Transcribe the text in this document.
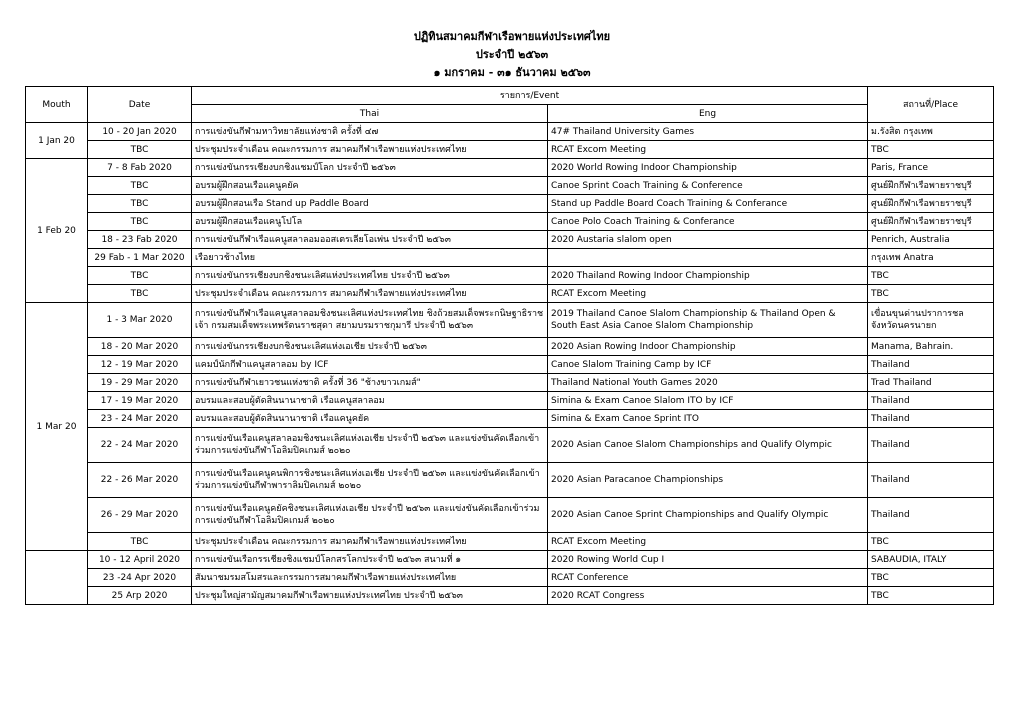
ปฏิทินสมาคมกีฬาเรือพายแห่งประเทศไทย
ประจำปี ๒๕๖๓
๑ มกราคม - ๓๑ ธันวาคม ๒๕๖๓
Mouth	Date	รายการ/Event		สถานที่/Place
		Thai	Eng	
1 Jan 20	10 - 20 Jan 2020	การแข่งขันกีฬามหาวิทยาลัยแห่งชาติ ครั้งที่ ๔๗	47# Thailand University Games	ม.รังสิต กรุงเทพ
	TBC	ประชุมประจำเดือน คณะกรรมการ สมาคมกีฬาเรือพายแห่งประเทศไทย	RCAT Excom Meeting	TBC
1 Feb 20	7 - 8 Fab 2020	การแข่งขันกรรเชียงบกชิงแชมป์โลก ประจำปี ๒๕๖๓	2020 World Rowing Indoor Championship	Paris, France
	TBC	อบรมผู้ฝึกสอนเรือแคนูคยัค	Canoe Sprint Coach Training & Conference	ศูนย์ฝึกกีฬาเรือพายราชบุรี
	TBC	อบรมผู้ฝึกสอนเรือ Stand up Paddle Board	Stand up Paddle Board Coach Training & Conferance	ศูนย์ฝึกกีฬาเรือพายราชบุรี
	TBC	อบรมผู้ฝึกสอนเรือแคนูโปโล	Canoe Polo Coach Training & Conferance	ศูนย์ฝึกกีฬาเรือพายราชบุรี
	18 - 23 Fab 2020	การแข่งขันกีฬาเรือแคนูสลาลอมออสเตรเลียโอเพ่น ประจำปี ๒๕๖๓	2020 Austaria slalom open	Penrich, Australia
	29 Fab - 1 Mar 2020	เรือยาวช้างไทย		กรุงเทพ Anatra
	TBC	การแข่งขันกรรเชียงบกชิงชนะเลิศแห่งประเทศไทย ประจำปี ๒๕๖๓	2020 Thailand Rowing Indoor Championship	TBC
	TBC	ประชุมประจำเดือน คณะกรรมการ สมาคมกีฬาเรือพายแห่งประเทศไทย	RCAT Excom Meeting	TBC
1 Mar 20	1 - 3 Mar 2020	การแข่งขันกีฬาเรือแคนูสลาลอมชิงชนะเลิศแห่งประเทศไทย ชิงถ้วยสมเด็จพระกนิษฐาธิราชเจ้า กรมสมเด็จพระเทพรัตนราชสุดา สยามบรมราชกุมารี ประจำปี ๒๕๖๓	2019 Thailand Canoe Slalom Championship & Thailand Open & South East Asia Canoe Slalom Championship	เขื่อนขุนด่านปราการชล จังหวัดนครนายก
	18 - 20 Mar 2020	การแข่งขันกรรเชียงบกชิงชนะเลิศแห่งเอเชีย ประจำปี ๒๕๖๓	2020 Asian Rowing Indoor Championship	Manama, Bahrain.
	12 - 19 Mar 2020	แคมป์นักกีฬาแคนูสลาลอม by ICF	Canoe Slalom Training Camp by ICF	Thailand
	19 - 29 Mar 2020	การแข่งขันกีฬาเยาวชนแห่งชาติ ครั้งที่ 36 "ช้างขาวเกมส์"	Thailand National Youth Games 2020	Trad Thailand
	17 - 19 Mar 2020	อบรมและสอบผู้ตัดสินนานาชาติ เรือแคนูสลาลอม	Simina & Exam Canoe Slalom ITO by ICF	Thailand
	23 - 24 Mar 2020	อบรมและสอบผู้ตัดสินนานาชาติ เรือแคนูคยัค	Simina & Exam Canoe Sprint ITO	Thailand
	22 - 24 Mar 2020	การแข่งขันเรือแคนูสลาลอมชิงชนะเลิศแห่งเอเชีย ประจำปี ๒๕๖๓ และแข่งขันคัดเลือกเข้าร่วมการแข่งขันกีฬาโอลิมปิคเกมส์ ๒๐๒๐	2020 Asian Canoe Slalom Championships and Qualify Olympic	Thailand
	22 - 26 Mar 2020	การแข่งขันเรือแคนูคนพิการชิงชนะเลิศแห่งเอเชีย ประจำปี ๒๕๖๓ และแข่งขันคัดเลือกเข้าร่วมการแข่งขันกีฬาพาราลิมปิคเกมส์ ๒๐๒๐	2020 Asian Paracanoe Championships	Thailand
	26 - 29 Mar 2020	การแข่งขันเรือแคนูคยัคชิงชนะเลิศแห่งเอเชีย ประจำปี ๒๕๖๓ และแข่งขันคัดเลือกเข้าร่วมการแข่งขันกีฬาโอลิมปิคเกมส์ ๒๐๒๐	2020 Asian Canoe Sprint Championships and Qualify Olympic	Thailand
	TBC	ประชุมประจำเดือน คณะกรรมการ สมาคมกีฬาเรือพายแห่งประเทศไทย	RCAT Excom Meeting	TBC
	10 - 12 April 2020	การแข่งขันเรือกรรเชียงชิงแชมป์โลกสรโลกประจำปี ๒๕๖๓ สนามที่ ๑	2020 Rowing World Cup I	SABAUDIA, ITALY
	23 -24 Apr 2020	สัมนาชมรมสโมสรและกรรมการสมาคมกีฬาเรือพายแห่งประเทศไทย	RCAT Conference	TBC
	25 Arp 2020	ประชุมใหญ่สามัญสมาคมกีฬาเรือพายแห่งประเทศไทย ประจำปี ๒๕๖๓	2020 RCAT Congress	TBC
